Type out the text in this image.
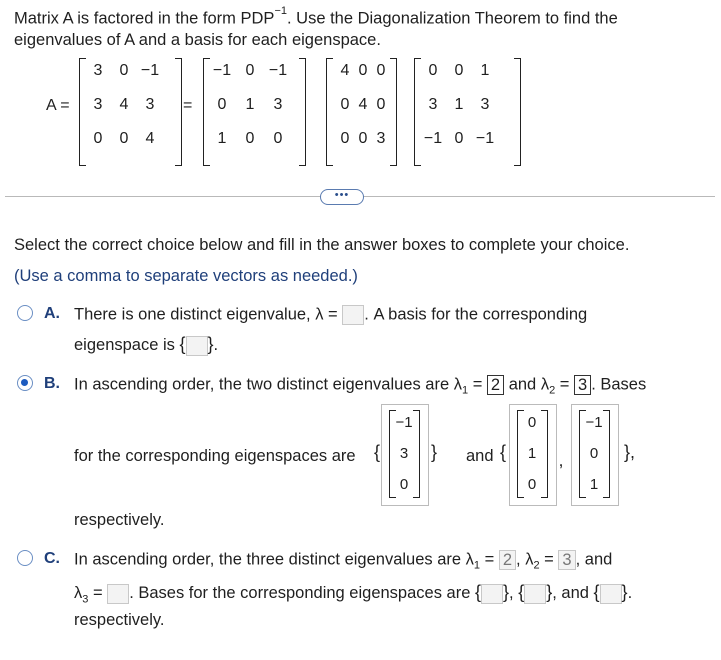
Matrix A is factored in the form $PDP^{-1}$. Use the Diagonalization Theorem to find the
eigenvalues of A and a basis for each eigenspace.
A =	=
3	0 −1
3	4	3
0	0	4
−1 0 −1
0	1	3
1	0	0
4 0 0
0 4 0
0 0 3
0	0	1
3	1	3
−1 0 −1
•••
Select the correct choice below and fill in the answer boxes to complete your choice.
(Use a comma to separate vectors as needed.)
A. There is one distinct eigenvalue, λ = . A basis for the corresponding
eigenspace is { }.
B. In ascending order, the two distinct eigenvalues are $\lambda_1 = 2$ and $\lambda_2 = 3$ . Bases
for the corresponding eigenspaces are	and
respectively.
−1
3
0
0
1
0
−1
0
1
{	}	{	‚	},
C. In ascending order, the three distinct eigenvalues are $\lambda_1 = 2$ , $\lambda_2 = 3$ , and
$\lambda_3$ = . Bases for the corresponding eigenspaces are { }, { }, and { }.
respectively.
